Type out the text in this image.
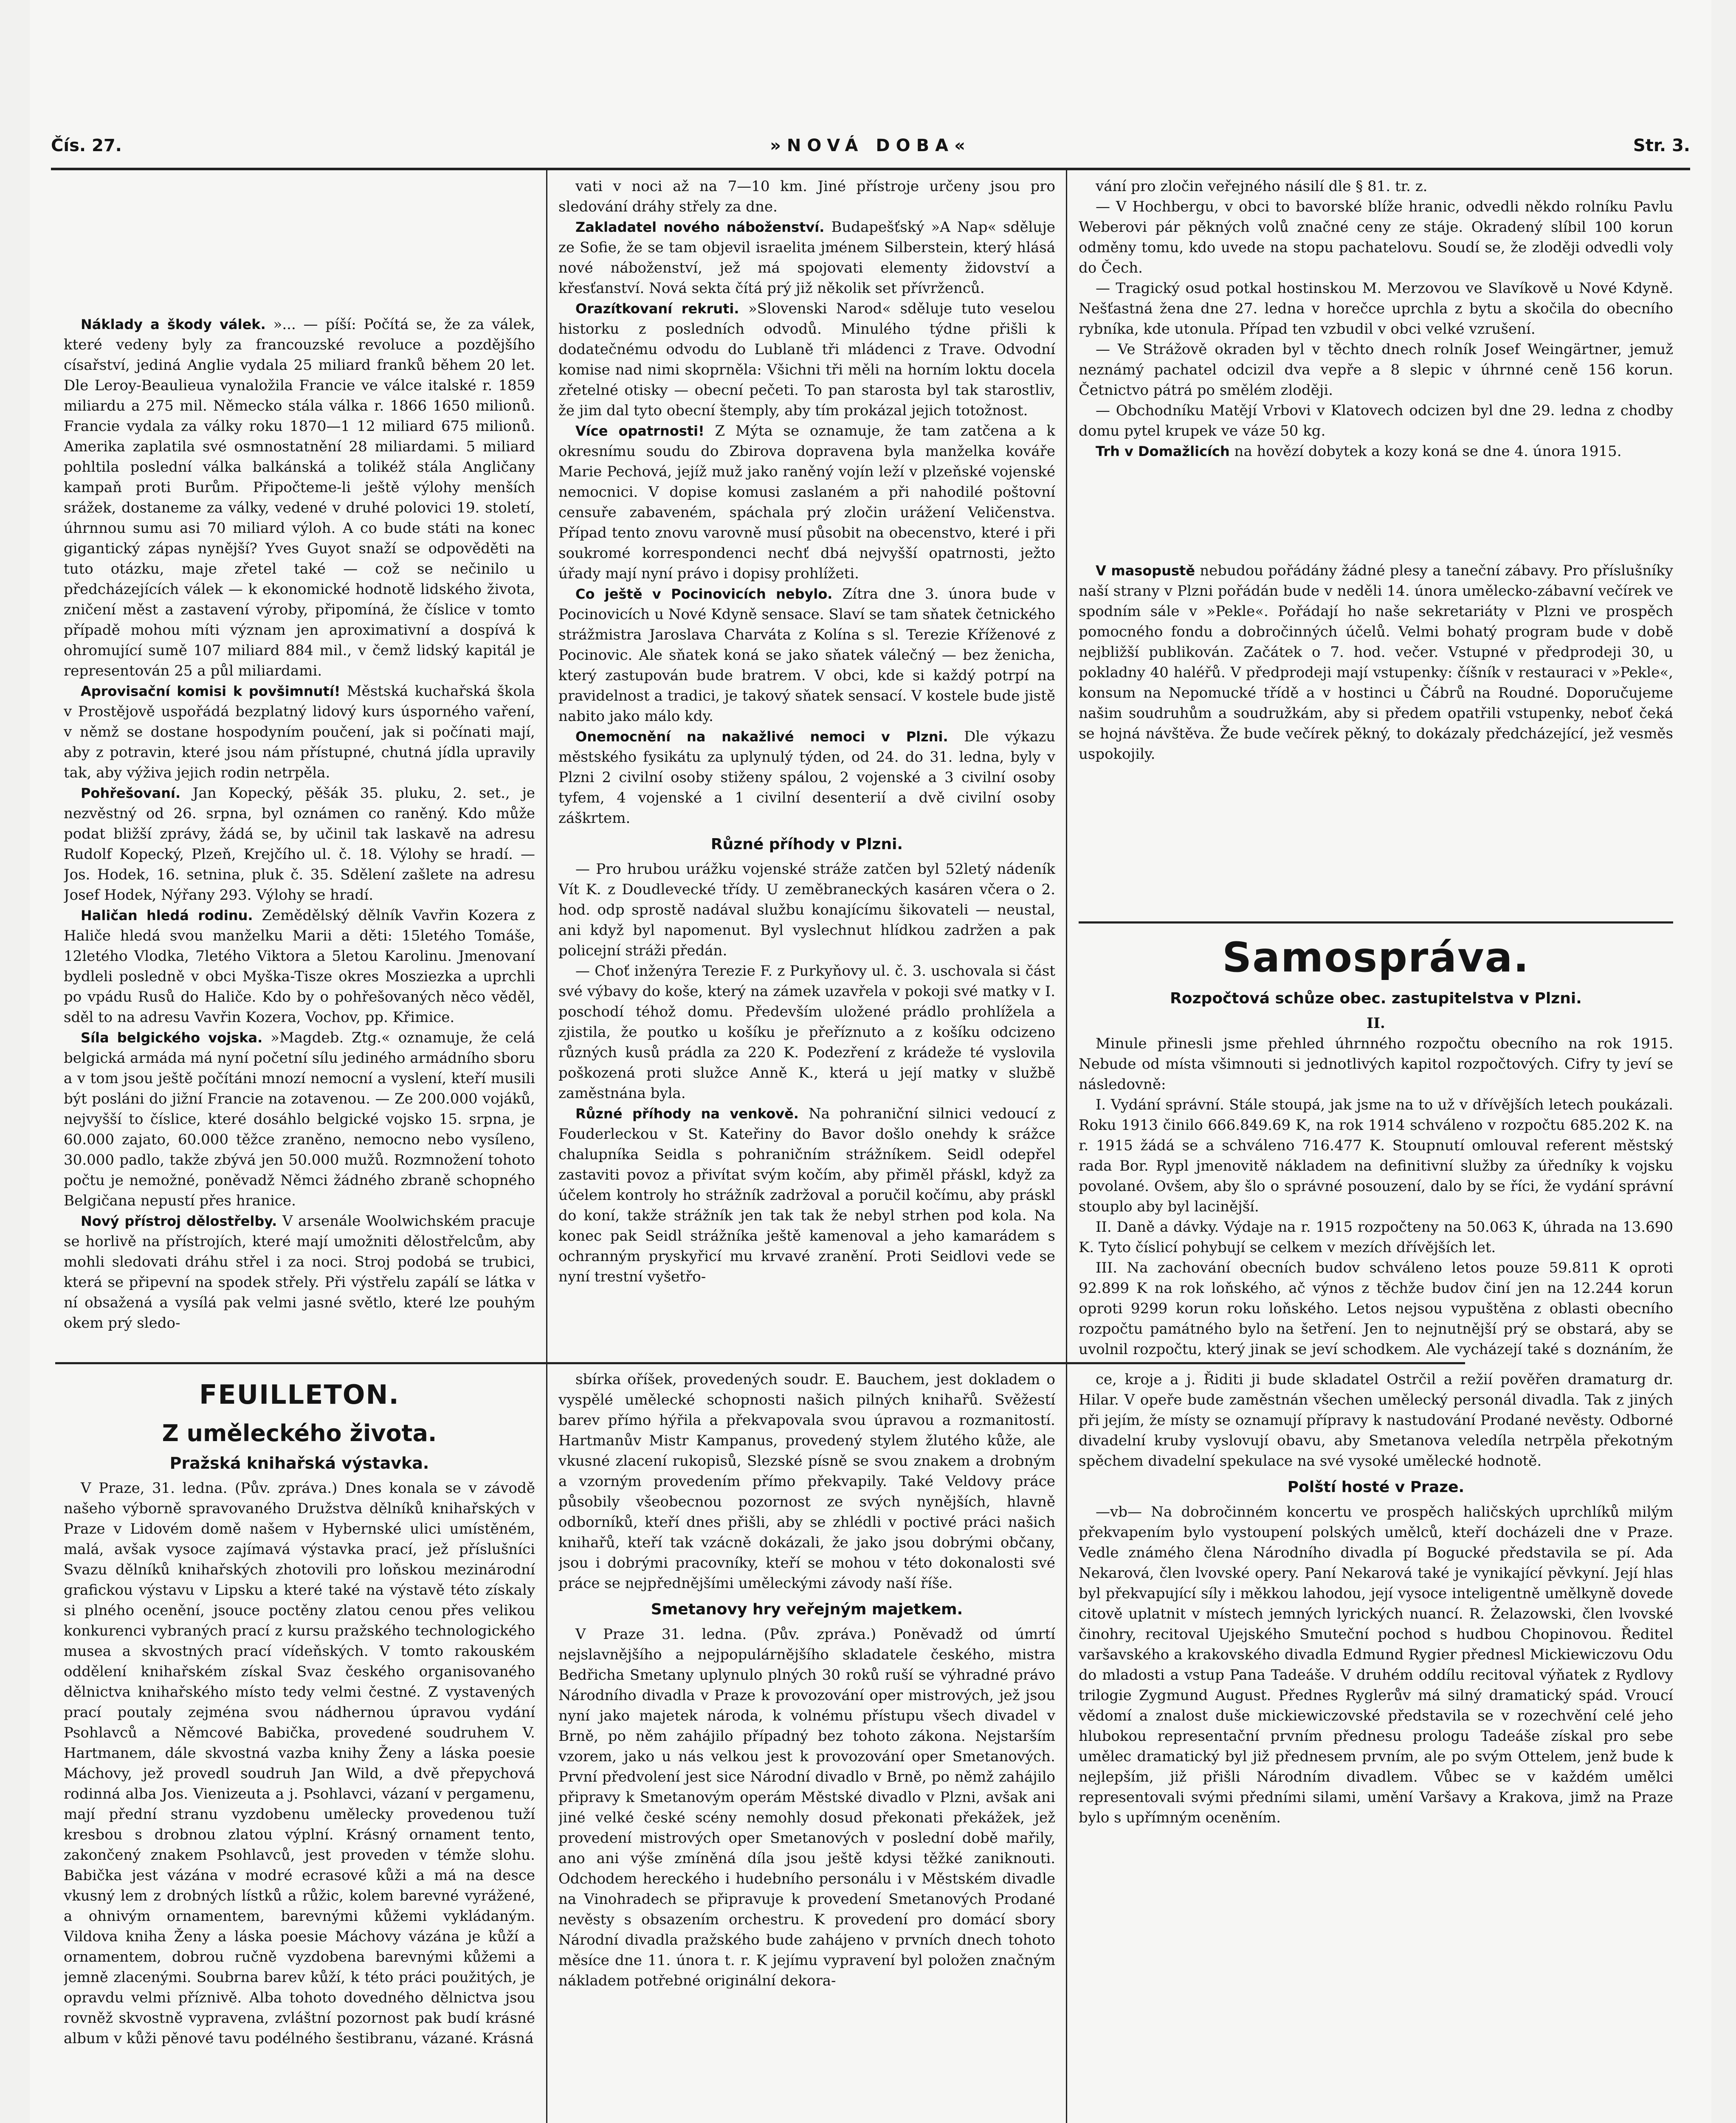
Čís. 27.	»NOVÁ DOBA«	Str. 3.

Náklady a škody válek. »... — píší: Počítá se, že za válek, které vedeny byly za francouzské revoluce a pozdějšího císařství, jediná Anglie vydala 25 miliard franků během 20 let. Dle Leroy-Beaulieua vynaložila Francie ve válce italské r. 1859 miliardu a 275 mil. Německo stála válka r. 1866 1650 milionů. Francie vydala za války roku 1870—1 12 miliard 675 milionů. Amerika zaplatila své osmnostatnění 28 miliardami. 5 miliard pohltila poslední válka balkánská a tolikéž stála Angličany kampaň proti Burům. Připočteme-li ještě výlohy menších srážek, dostaneme za války, vedené v druhé polovici 19. století, úhrnnou sumu asi 70 miliard výloh. A co bude státi na konec gigantický zápas nynější? Yves Guyot snaží se odpověděti na tuto otázku, maje zřetel také — což se nečinilo u předcházejících válek — k ekonomické hodnotě lidského života, zničení měst a zastavení výroby, připomíná, že číslice v tomto případě mohou míti význam jen aproximativní a dospívá k ohromující sumě 107 miliard 884 mil., v čemž lidský kapitál je representován 25 a půl miliardami.

Aprovisační komisi k povšimnutí! Městská kuchařská škola v Prostějově uspořádá bezplatný lidový kurs úsporného vaření, v němž se dostane hospodyním poučení, jak si počínati mají, aby z potravin, které jsou nám přístupné, chutná jídla upravily tak, aby výživa jejich rodin netrpěla.

Pohřešovaní. Jan Kopecký, pěšák 35. pluku, 2. set., je nezvěstný od 26. srpna, byl oznámen co raněný. Kdo může podat bližší zprávy, žádá se, by učinil tak laskavě na adresu Rudolf Kopecký, Plzeň, Krejčího ul. č. 18. Výlohy se hradí. — Jos. Hodek, 16. setnina, pluk č. 35. Sdělení zašlete na adresu Josef Hodek, Nýřany 293. Výlohy se hradí.

Haličan hledá rodinu. Zemědělský dělník Vavřin Kozera z Haliče hledá svou manželku Marii a děti: 15letého Tomáše, 12letého Vlodka, 7letého Viktora a 5letou Karolinu. Jmenovaní bydleli posledně v obci Myška-Tisze okres Mosziezka a uprchli po vpádu Rusů do Haliče. Kdo by o pohřešovaných něco věděl, sděl to na adresu Vavřin Kozera, Vochov, pp. Křimice.

Síla belgického vojska. »Magdeb. Ztg.« oznamuje, že celá belgická armáda má nyní početní sílu jediného armádního sboru a v tom jsou ještě počítáni mnozí nemocní a vyslení, kteří musili být posláni do jižní Francie na zotavenou. — Ze 200.000 vojáků, nejvyšší to číslice, které dosáhlo belgické vojsko 15. srpna, je 60.000 zajato, 60.000 těžce zraněno, nemocno nebo vysíleno, 30.000 padlo, takže zbývá jen 50.000 mužů. Rozmnožení tohoto počtu je nemožné, poněvadž Němci žádného zbraně schopného Belgičana nepustí přes hranice.

Nový přístroj dělostřelby. V arsenále Woolwichském pracuje se horlivě na přístrojích, které mají umožniti dělostřelcům, aby mohli sledovati dráhu střel i za noci. Stroj podobá se trubici, která se připevní na spodek střely. Při výstřelu zapálí se látka v ní obsažená a vysílá pak velmi jasné světlo, které lze pouhým okem prý sledo-

FEUILLETON.
Z uměleckého života.
Pražská knihařská výstavka.

V Praze, 31. ledna. (Pův. zpráva.) Dnes konala se v závodě našeho výborně spravovaného Družstva dělníků knihařských v Praze v Lidovém domě našem v Hybernské ulici umístěném, malá, avšak vysoce zajímavá výstavka prací, jež příslušníci Svazu dělníků knihařských zhotovili pro loňskou mezinárodní grafickou výstavu v Lipsku a které také na výstavě této získaly si plného ocenění, jsouce poctěny zlatou cenou přes velikou konkurenci vybraných prací z kursu pražského technologického musea a skvostných prací vídeňských. V tomto rakouském oddělení knihařském získal Svaz českého organisovaného dělnictva knihařského místo tedy velmi čestné. Z vystavených prací poutaly zejména svou nádhernou úpravou vydání Psohlavců a Němcové Babička, provedené soudruhem V. Hartmanem, dále skvostná vazba knihy Ženy a láska poesie Máchovy, jež provedl soudruh Jan Wild, a dvě přepychová rodinná alba Jos. Vienizeuta a j. Psohlavci, vázaní v pergamenu, mají přední stranu vyzdobenu umělecky provedenou tuží kresbou s drobnou zlatou výplní. Krásný ornament tento, zakončený znakem Psohlavců, jest proveden v témže slohu. Babička jest vázána v modré ecrasové kůži a má na desce vkusný lem z drobných lístků a růžic, kolem barevné vyrážené, a ohnivým ornamentem, barevnými kůžemi vykládaným. Vildova kniha Ženy a láska poesie Máchovy vázána je kůží a ornamentem, dobrou ručně vyzdobena barevnými kůžemi a jemně zlacenými. Soubrna barev kůží, k této práci použitých, je opravdu velmi příznivě. Alba tohoto dovedného dělnictva jsou rovněž skvostně vypravena, zvláštní pozornost pak budí krásné album v kůži pěnové tavu podélného šestibranu, vázané. Krásná

vati v noci až na 7—10 km. Jiné přístroje určeny jsou pro sledování dráhy střely za dne.

Zakladatel nového náboženství. Budapešťský »A Nap« sděluje ze Sofie, že se tam objevil israelita jménem Silberstein, který hlásá nové náboženství, jež má spojovati elementy židovství a křesťanství. Nová sekta čítá prý již několik set přívrženců.

Orazítkovaní rekruti. »Slovenski Narod« sděluje tuto veselou historku z posledních odvodů. Minulého týdne přišli k dodatečnému odvodu do Lublaně tři mládenci z Trave. Odvodní komise nad nimi skoprněla: Všichni tři měli na horním loktu docela zřetelné otisky — obecní pečeti. To pan starosta byl tak starostliv, že jim dal tyto obecní štemply, aby tím prokázal jejich totožnost.

Více opatrnosti! Z Mýta se oznamuje, že tam zatčena a k okresnímu soudu do Zbirova dopravena byla manželka kováře Marie Pechová, jejíž muž jako raněný vojín leží v plzeňské vojenské nemocnici. V dopise komusi zaslaném a při nahodilé poštovní censuře zabaveném, spáchala prý zločin urážení Veličenstva. Případ tento znovu varovně musí působit na obecenstvo, které i při soukromé korrespondenci nechť dbá nejvyšší opatrnosti, ježto úřady mají nyní právo i dopisy prohlížeti.

Co ještě v Pocinovicích nebylo. Zítra dne 3. února bude v Pocinovicích u Nové Kdyně sensace. Slaví se tam sňatek četnického strážmistra Jaroslava Charváta z Kolína s sl. Terezie Kříženové z Pocinovic. Ale sňatek koná se jako sňatek válečný — bez ženicha, který zastupován bude bratrem. V obci, kde si každý potrpí na pravidelnost a tradici, je takový sňatek sensací. V kostele bude jistě nabito jako málo kdy.

Onemocnění na nakažlivé nemoci v Plzni. Dle výkazu městského fysikátu za uplynulý týden, od 24. do 31. ledna, byly v Plzni 2 civilní osoby stiženy spálou, 2 vojenské a 3 civilní osoby tyfem, 4 vojenské a 1 civilní desenterií a dvě civilní osoby záškrtem.

Různé příhody v Plzni.

— Pro hrubou urážku vojenské stráže zatčen byl 52letý nádeník Vít K. z Doudlevecké třídy. U zeměbraneckých kasáren včera o 2. hod. odp sprostě nadával službu konajícímu šikovateli — neustal, ani když byl napomenut. Byl vyslechnut hlídkou zadržen a pak policejní stráži předán.

— Choť inženýra Terezie F. z Purkyňovy ul. č. 3. uschovala si část své výbavy do koše, který na zámek uzavřela v pokoji své matky v I. poschodí téhož domu. Především uložené prádlo prohlížela a zjistila, že poutko u košíku je přeříznuto a z košíku odcizeno různých kusů prádla za 220 K. Podezření z krádeže té vyslovila poškozená proti služce Anně K., která u její matky v službě zaměstnána byla.

Různé příhody na venkově. Na pohraniční silnici vedoucí z Fouderleckou v St. Kateřiny do Bavor došlo onehdy k srážce chalupníka Seidla s pohraničním strážníkem. Seidl odepřel zastaviti povoz a přivítat svým kočím, aby přiměl přáskl, když za účelem kontroly ho strážník zadržoval a poručil kočímu, aby práskl do koní, takže strážník jen tak tak že nebyl strhen pod kola. Na konec pak Seidl strážníka ještě kamenoval a jeho kamarádem s ochranným pryskyřicí mu krvavé zranění. Proti Seidlovi vede se nyní trestní vyšetřo-

sbírka oříšek, provedených soudr. E. Bauchem, jest dokladem o vyspělé umělecké schopnosti našich pilných knihařů. Svěžestí barev přímo hýřila a překvapovala svou úpravou a rozmanitostí. Hartmanův Mistr Kampanus, provedený stylem žlutého kůže, ale vkusné zlacení rukopisů, Slezské písně se svou znakem a drobným a vzorným provedením přímo překvapily. Také Veldovy práce působily všeobecnou pozornost ze svých nynějších, hlavně odborníků, kteří dnes přišli, aby se zhlédli v poctivé práci našich knihařů, kteří tak vzácně dokázali, že jako jsou dobrými občany, jsou i dobrými pracovníky, kteří se mohou v této dokonalosti své práce se nejpřednějšími uměleckými závody naší říše.

Smetanovy hry veřejným majetkem.

V Praze 31. ledna. (Pův. zpráva.) Poněvadž od úmrtí nejslavnějšího a nejpopulárnějšího skladatele českého, mistra Bedřicha Smetany uplynulo plných 30 roků ruší se výhradné právo Národního divadla v Praze k provozování oper mistrových, jež jsou nyní jako majetek národa, k volnému přístupu všech divadel v Brně, po něm zahájilo případný bez tohoto zákona. Nejstarším vzorem, jako u nás velkou jest k provozování oper Smetanových. První předvolení jest sice Národní divadlo v Brně, po němž zahájilo připravy k Smetanovým operám Městské divadlo v Plzni, avšak ani jiné velké české scény nemohly dosud překonati překážek, jež provedení mistrových oper Smetanových v poslední době mařily, ano ani výše zmíněná díla jsou ještě kdysi těžké zaniknouti. Odchodem hereckého i hudebního personálu i v Městském divadle na Vinohradech se připravuje k provedení Smetanových Prodané nevěsty s obsazením orchestru. K provedení pro domácí sbory Národní divadla pražského bude zahájeno v prvních dnech tohoto měsíce dne 11. února t. r. K jejímu vypravení byl položen značným nákladem potřebné originální dekora-

vání pro zločin veřejného násilí dle § 81. tr. z.

— V Hochbergu, v obci to bavorské blíže hranic, odvedli někdo rolníku Pavlu Weberovi pár pěkných volů značné ceny ze stáje. Okradený slíbil 100 korun odměny tomu, kdo uvede na stopu pachatelovu. Soudí se, že zloději odvedli voly do Čech.

— Tragický osud potkal hostinskou M. Merzovou ve Slavíkově u Nové Kdyně. Nešťastná žena dne 27. ledna v horečce uprchla z bytu a skočila do obecního rybníka, kde utonula. Případ ten vzbudil v obci velké vzrušení.

— Ve Strážově okraden byl v těchto dnech rolník Josef Weingärtner, jemuž neznámý pachatel odcizil dva vepře a 8 slepic v úhrnné ceně 156 korun. Četnictvo pátrá po smělém zloději.

— Obchodníku Matějí Vrbovi v Klatovech odcizen byl dne 29. ledna z chodby domu pytel krupek ve váze 50 kg.

Trh v Domažlicích na hovězí dobytek a kozy koná se dne 4. února 1915.

V masopustě nebudou pořádány žádné plesy a taneční zábavy. Pro příslušníky naší strany v Plzni pořádán bude v neděli 14. února umělecko-zábavní večírek ve spodním sále v »Pekle«. Pořádají ho naše sekretariáty v Plzni ve prospěch pomocného fondu a dobročinných účelů. Velmi bohatý program bude v době nejbližší publikován. Začátek o 7. hod. večer. Vstupné v předprodeji 30, u pokladny 40 haléřů. V předprodeji mají vstupenky: číšník v restauraci v »Pekle«, konsum na Nepomucké třídě a v hostinci u Čábrů na Roudné. Doporučujeme našim soudruhům a soudružkám, aby si předem opatřili vstupenky, neboť čeká se hojná návštěva. Že bude večírek pěkný, to dokázaly předcházející, jež vesměs uspokojily.

Samospráva.
Rozpočtová schůze obec. zastupitelstva v Plzni.

II.

Minule přinesli jsme přehled úhrnného rozpočtu obecního na rok 1915. Nebude od místa všimnouti si jednotlivých kapitol rozpočtových. Cifry ty jeví se následovně:

I. Vydání správní. Stále stoupá, jak jsme na to už v dřívějších letech poukázali. Roku 1913 činilo 666.849.69 K, na rok 1914 schváleno v rozpočtu 685.202 K. na r. 1915 žádá se a schváleno 716.477 K. Stoupnutí omlouval referent městský rada Bor. Rypl jmenovitě nákladem na definitivní služby za úředníky k vojsku povolané. Ovšem, aby šlo o správné posouzení, dalo by se říci, že vydání správní stouplo aby byl lacinější.

II. Daně a dávky. Výdaje na r. 1915 rozpočteny na 50.063 K, úhrada na 13.690 K. Tyto číslicí pohybují se celkem v mezích dřívějších let.

III. Na zachování obecních budov schváleno letos pouze 59.811 K oproti 92.899 K na rok loňského, ač výnos z těchže budov činí jen na 12.244 korun oproti 9299 korun roku loňského. Letos nejsou vypuštěna z oblasti obecního rozpočtu památného bylo na šetření. Jen to nejnutnější prý se obstará, aby se uvolnil rozpočtu, který jinak se jeví schodkem. Ale vycházejí také s doznáním, že

ce, kroje a j. Řiditi ji bude skladatel Ostrčil a režií pověřen dramaturg dr. Hilar. V opeře bude zaměstnán všechen umělecký personál divadla. Tak z jiných při jejím, že místy se oznamují přípravy k nastudování Prodané nevěsty. Odborné divadelní kruby vyslovují obavu, aby Smetanova veledíla netrpěla překotným spěchem divadelní spekulace na své vysoké umělecké hodnotě.

Polští hosté v Praze.

—vb— Na dobročinném koncertu ve prospěch haličských uprchlíků milým překvapením bylo vystoupení polských umělců, kteří docházeli dne v Praze. Vedle známého člena Národního divadla pí Bogucké představila se pí. Ada Nekarová, člen lvovské opery. Paní Nekarová také je vynikající pěvkyní. Její hlas byl překvapující síly i měkkou lahodou, její vysoce inteligentně umělkyně dovede citově uplatnit v místech jemných lyrických nuancí. R. Żelazowski, člen lvovské činohry, recitoval Ujejského Smuteční pochod s hudbou Chopinovou. Ředitel varšavského a krakovského divadla Edmund Rygier přednesl Mickiewiczovu Odu do mladosti a vstup Pana Tadeáše. V druhém oddílu recitoval výňatek z Rydlovy trilogie Zygmund August. Přednes Ryglerův má silný dramatický spád. Vroucí vědomí a znalost duše mickiewiczovské představila se v rozechvění celé jeho hlubokou representační prvním přednesu prologu Tadeáše získal pro sebe umělec dramatický byl již přednesem prvním, ale po svým Ottelem, jenž bude k nejlepším, již přišli Národním divadlem. Vůbec se v každém umělci representovali svými předními silami, umění Varšavy a Krakova, jimž na Praze bylo s upřímným oceněním.
